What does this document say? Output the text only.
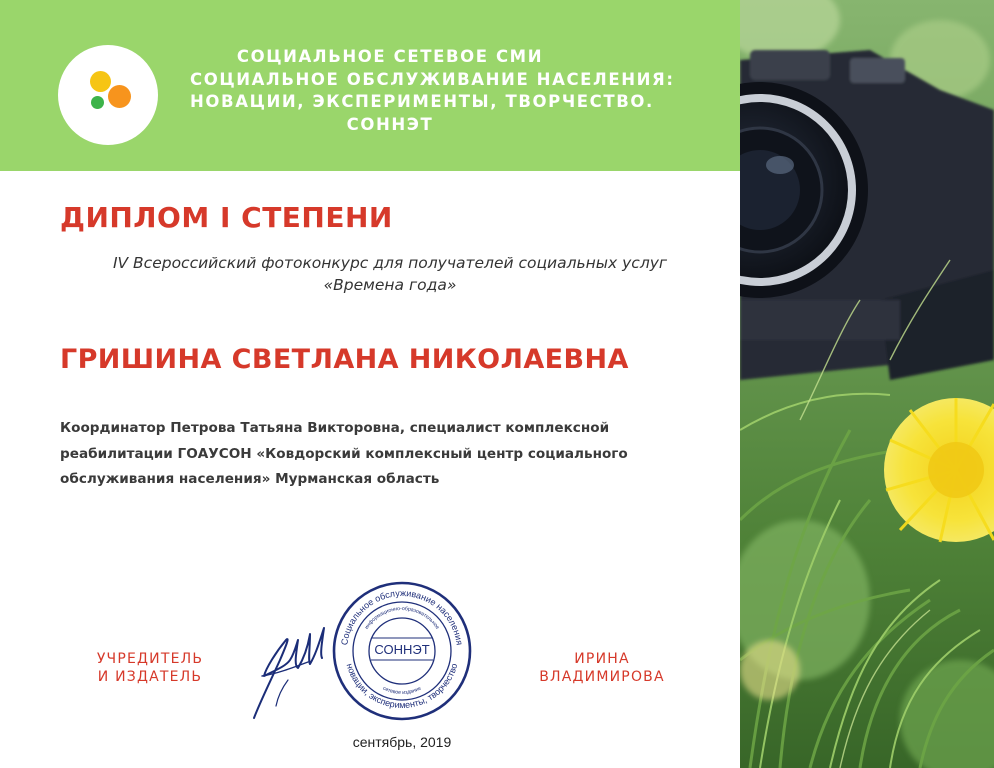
СОЦИАЛЬНОЕ СЕТЕВОЕ СМИ
СОЦИАЛЬНОЕ ОБСЛУЖИВАНИЕ НАСЕЛЕНИЯ:
НОВАЦИИ, ЭКСПЕРИМЕНТЫ, ТВОРЧЕСТВО.
СОННЭТ
ДИПЛОМ I СТЕПЕНИ
IV Всероссийский фотоконкурс для получателей социальных услуг
«Времена года»
ГРИШИНА СВЕТЛАНА НИКОЛАЕВНА
Координатор Петрова Татьяна Викторовна, специалист комплексной
реабилитации ГОАУСОН «Ковдорский комплексный центр социального
обслуживания населения» Мурманская область
УЧРЕДИТЕЛЬ
И ИЗДАТЕЛЬ
Социальное обслуживание населения
информационно-образовательное
сетевое издание
новации, эксперименты, творчество
СОННЭТ
ИРИНА
ВЛАДИМИРОВА
сентябрь, 2019
